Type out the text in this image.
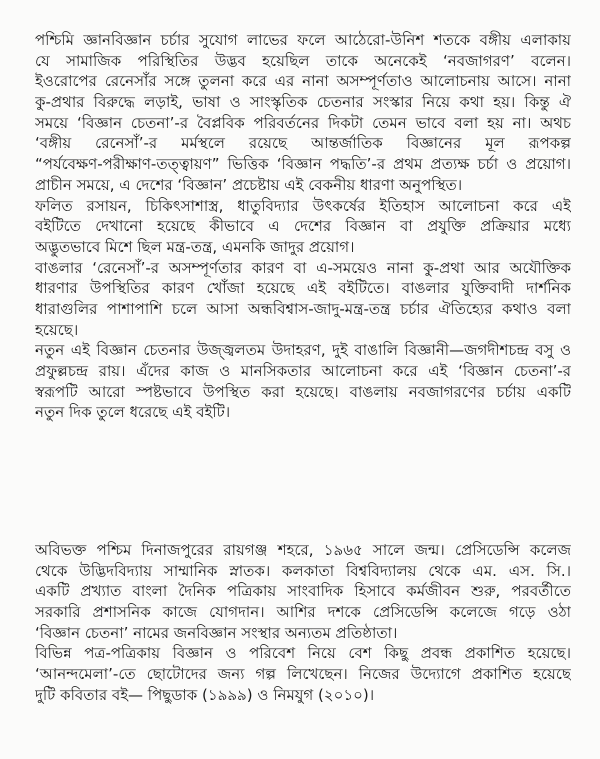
পশ্চিমি জ্ঞানবিজ্ঞান চর্চার সুযোগ লাভের ফলে আঠেরো-উনিশ শতকে বঙ্গীয় এলাকায়
যে সামাজিক পরিস্থিতির উদ্ভব হয়েছিল তাকে অনেকেই ‘নবজাগরণ’ বলেন।
ইওরোপের রেনেসাঁর সঙ্গে তুলনা করে এর নানা অসম্পূর্ণতাও আলোচনায় আসে। নানা
কু-প্রথার বিরুদ্ধে লড়াই, ভাষা ও সাংস্কৃতিক চেতনার সংস্কার নিয়ে কথা হয়। কিন্তু ঐ
সময়ে ‘বিজ্ঞান চেতনা’-র বৈপ্লবিক পরিবর্তনের দিকটা তেমন ভাবে বলা হয় না। অথচ
‘বঙ্গীয় রেনেসাঁ’-র মর্মস্থলে রয়েছে আন্তর্জাতিক বিজ্ঞানের মূল রূপকল্প
“পর্যবেক্ষণ-পরীক্ষাণ-তত্ত্বায়ণ” ভিত্তিক ‘বিজ্ঞান পদ্ধতি’-র প্রথম প্রত্যক্ষ চর্চা ও প্রয়োগ।
প্রাচীন সময়ে, এ দেশের ‘বিজ্ঞান’ প্রচেষ্টায় এই বেকনীয় ধারণা অনুপস্থিত।
ফলিত রসায়ন, চিকিৎসাশাস্ত্র, ধাতুবিদ্যার উৎকর্ষের ইতিহাস আলোচনা করে এই
বইটিতে দেখানো হয়েছে কীভাবে এ দেশের বিজ্ঞান বা প্রযুক্তি প্রক্রিয়ার মধ্যে
অদ্ভুতভাবে মিশে ছিল মন্ত্র-তন্ত্র, এমনকি জাদুর প্রয়োগ।
বাঙলার ‘রেনেসাঁ’-র অসম্পূর্ণতার কারণ বা এ-সময়েও নানা কু-প্রথা আর অযৌক্তিক
ধারণার উপস্থিতির কারণ খোঁজা হয়েছে এই বইটিতে। বাঙলার যুক্তিবাদী দার্শনিক
ধারাগুলির পাশাপাশি চলে আসা অন্ধবিশ্বাস-জাদু-মন্ত্র-তন্ত্র চর্চার ঐতিহ্যের কথাও বলা
হয়েছে।
নতুন এই বিজ্ঞান চেতনার উজ্জ্বলতম উদাহরণ, দুই বাঙালি বিজ্ঞানী—জগদীশচন্দ্র বসু ও
প্রফুল্লচন্দ্র রায়। এঁদের কাজ ও মানসিকতার আলোচনা করে এই ‘বিজ্ঞান চেতনা’-র
স্বরূপটি আরো স্পষ্টভাবে উপস্থিত করা হয়েছে। বাঙলায় নবজাগরণের চর্চায় একটি
নতুন দিক তুলে ধরেছে এই বইটি।
অবিভক্ত পশ্চিম দিনাজপুরের রায়গঞ্জ শহরে, ১৯৬৫ সালে জন্ম। প্রেসিডেন্সি কলেজ
থেকে উদ্ভিদবিদ্যায় সাম্মানিক স্নাতক। কলকাতা বিশ্ববিদ্যালয় থেকে এম. এস. সি.।
একটি প্রখ্যাত বাংলা দৈনিক পত্রিকায় সাংবাদিক হিসাবে কর্মজীবন শুরু, পরবর্তীতে
সরকারি প্রশাসনিক কাজে যোগদান। আশির দশকে প্রেসিডেন্সি কলেজে গড়ে ওঠা
‘বিজ্ঞান চেতনা’ নামের জনবিজ্ঞান সংস্থার অন্যতম প্রতিষ্ঠাতা।
বিভিন্ন পত্র-পত্রিকায় বিজ্ঞান ও পরিবেশ নিয়ে বেশ কিছু প্রবন্ধ প্রকাশিত হয়েছে।
‘আনন্দমেলা’-তে ছোটোদের জন্য গল্প লিখেছেন। নিজের উদ্যোগে প্রকাশিত হয়েছে
দুটি কবিতার বই— পিছুডাক (১৯৯৯) ও নিমযুগ (২০১০)।
